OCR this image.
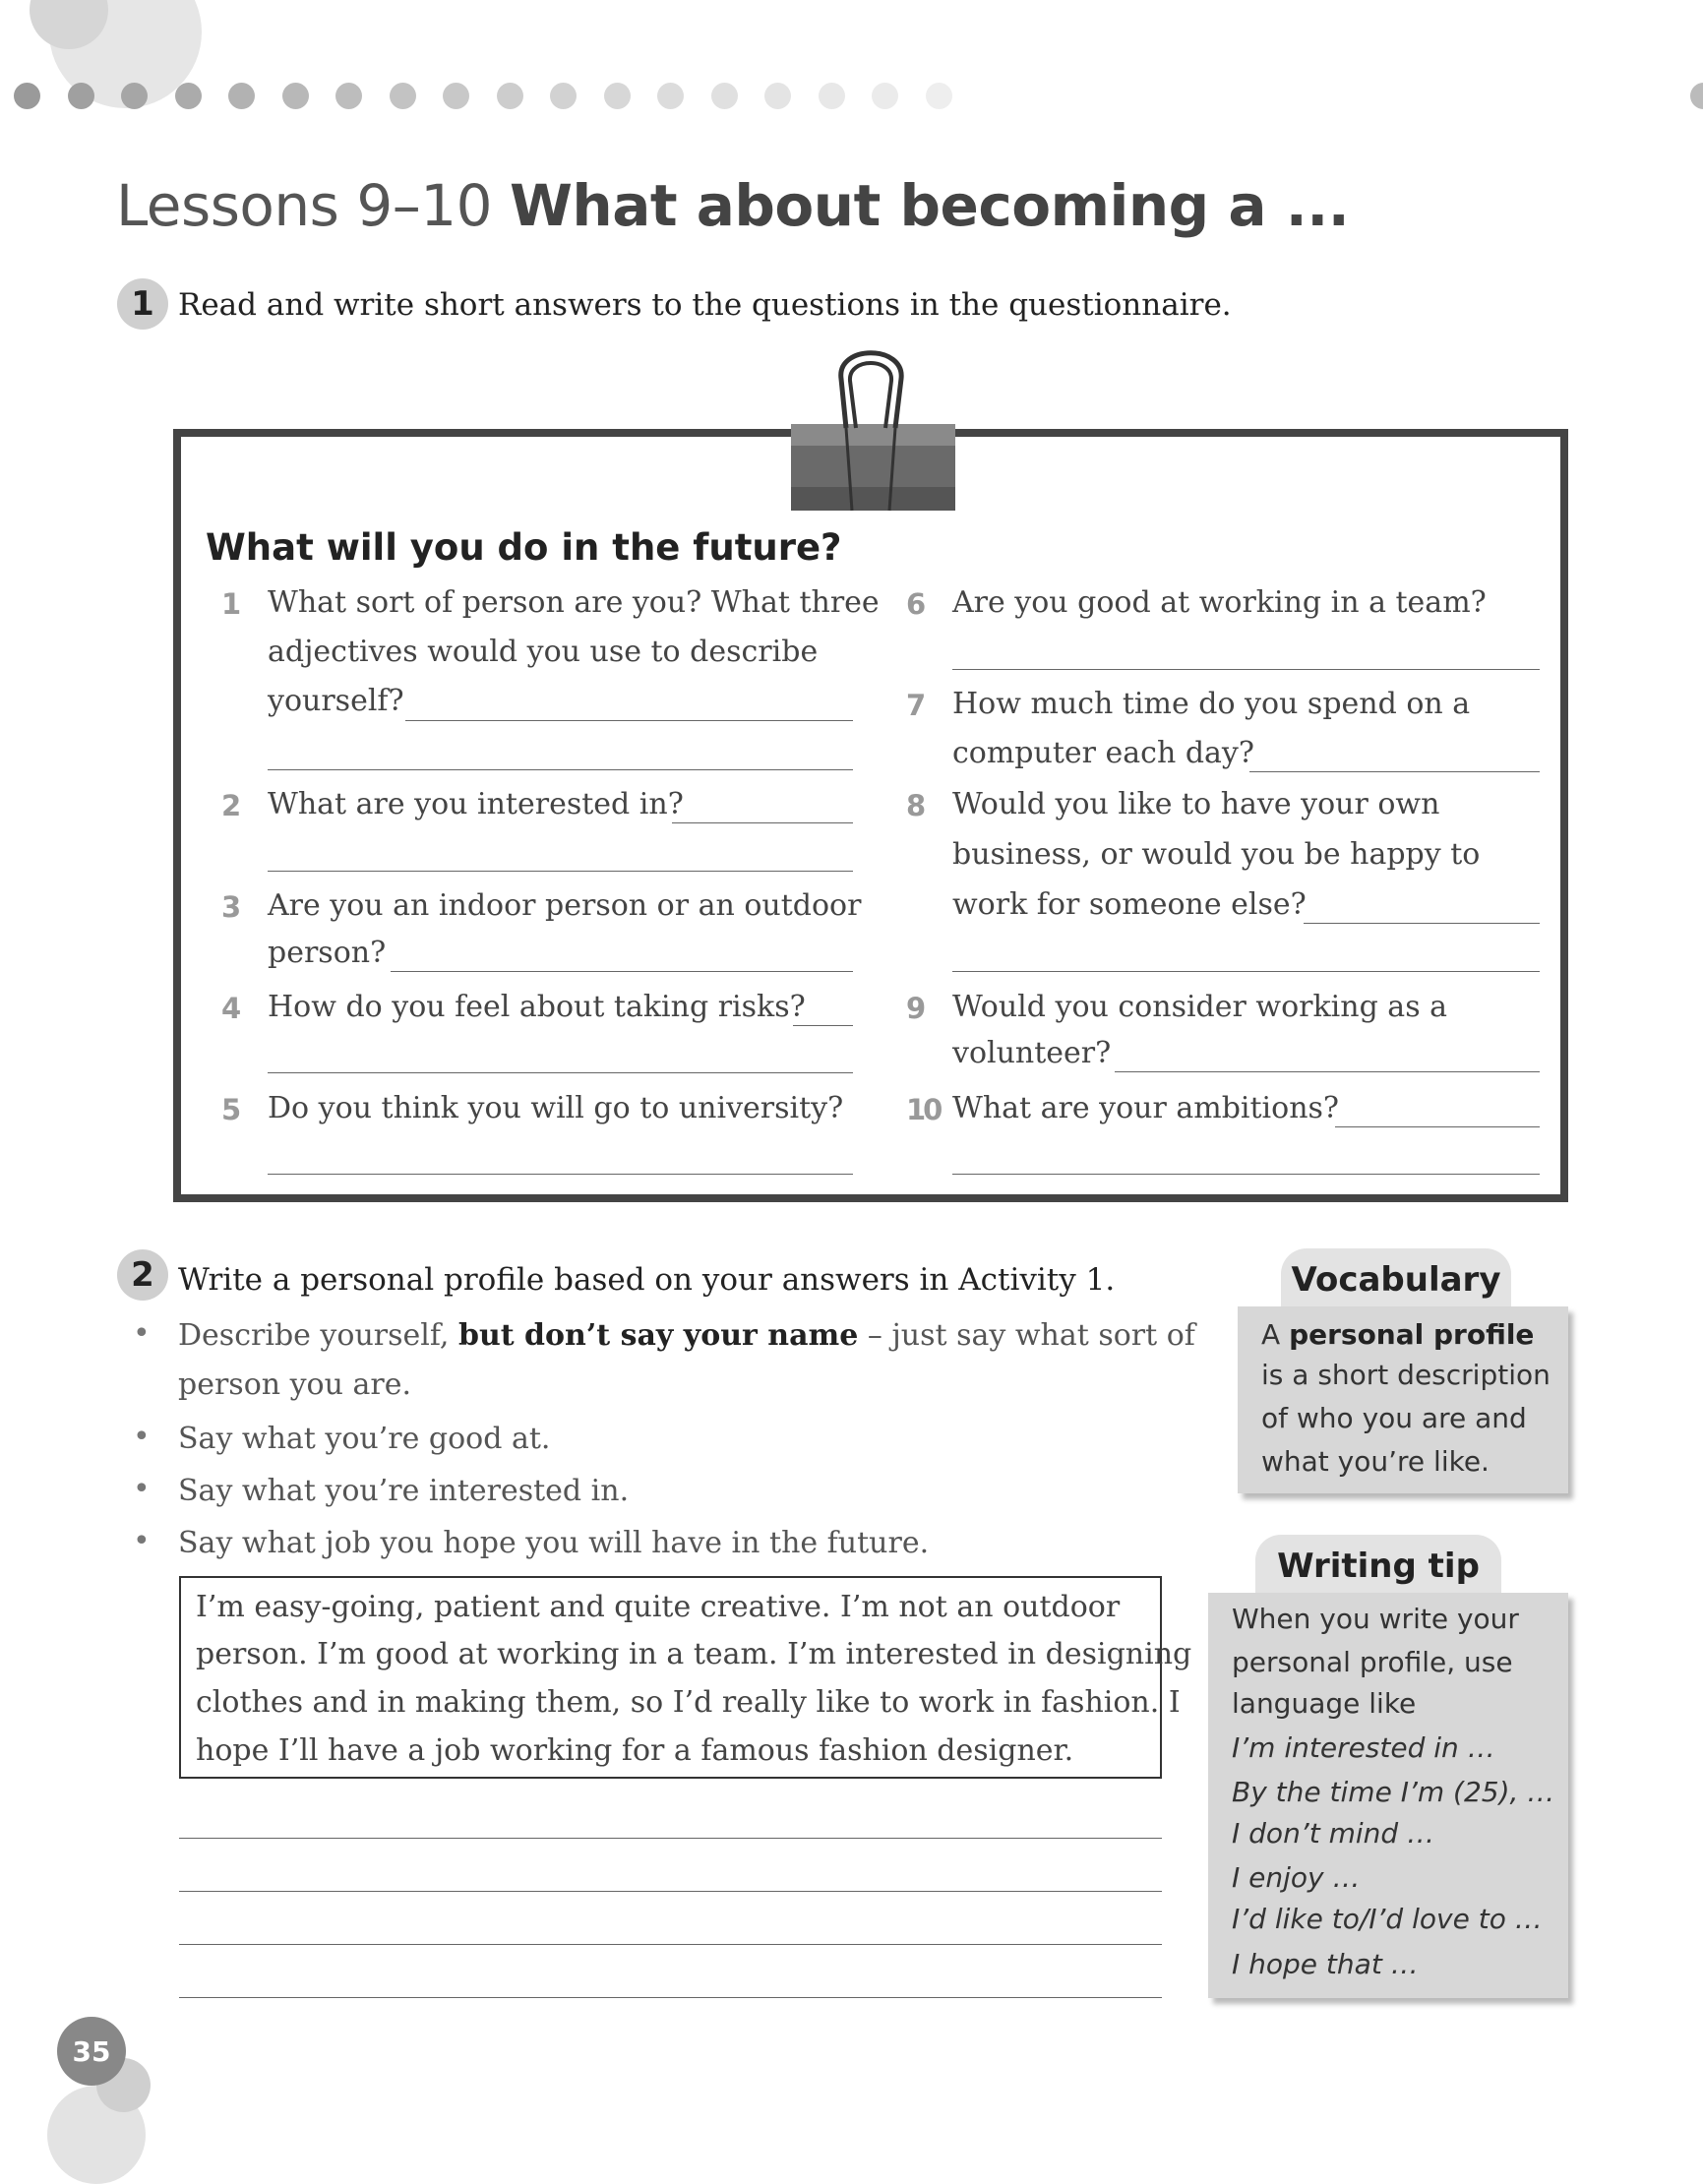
Lessons 9–10 What about becoming a ...
1 Read and write short answers to the questions in the questionnaire.
What will you do in the future?
1 What sort of person are you? What three
adjectives would you use to describe
yourself?
2 What are you interested in?
3 Are you an indoor person or an outdoor
person?
4 How do you feel about taking risks?
5 Do you think you will go to university?
6 Are you good at working in a team?
7 How much time do you spend on a
computer each day?
8 Would you like to have your own
business, or would you be happy to
work for someone else?
9 Would you consider working as a
volunteer?
10 What are your ambitions?
2 Write a personal profile based on your answers in Activity 1.
• Describe yourself, but don’t say your name – just say what sort of
person you are.
• Say what you’re good at.
• Say what you’re interested in.
• Say what job you hope you will have in the future.
I’m easy-going, patient and quite creative. I’m not an outdoor
person. I’m good at working in a team. I’m interested in designing
clothes and in making them, so I’d really like to work in fashion. I
hope I’ll have a job working for a famous fashion designer.
Vocabulary
A personal profile
is a short description
of who you are and
what you’re like.
Writing tip
When you write your
personal profile, use
language like
I’m interested in …
By the time I’m (25), …
I don’t mind …
I enjoy …
I’d like to/I’d love to …
I hope that …
35
